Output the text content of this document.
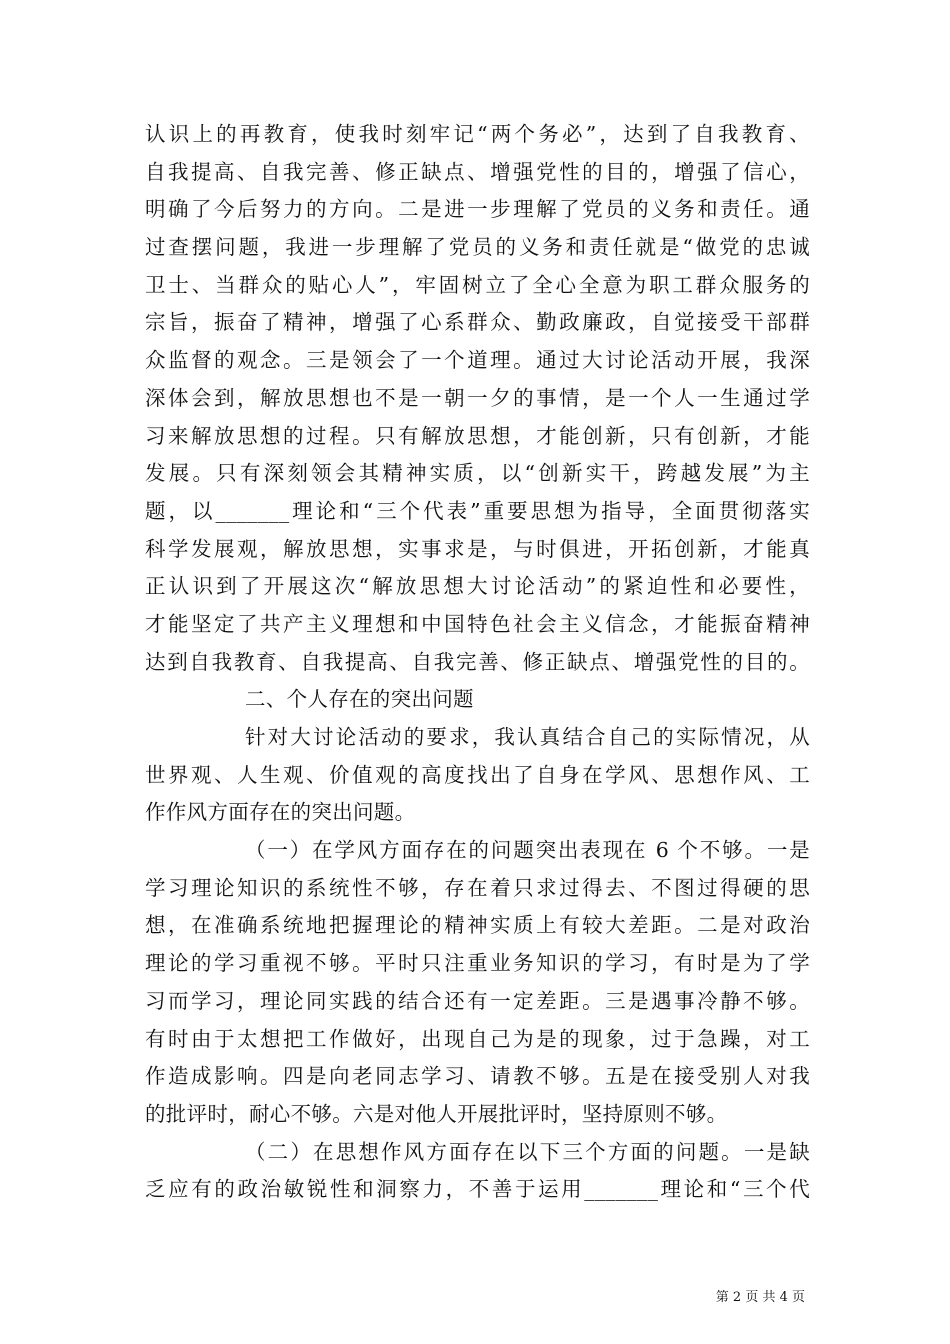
认识上的再教育，使我时刻牢记“两个务必”，达到了自我教育、
自我提高、自我完善、修正缺点、增强党性的目的，增强了信心，
明确了今后努力的方向。二是进一步理解了党员的义务和责任。通
过查摆问题，我进一步理解了党员的义务和责任就是“做党的忠诚
卫士、当群众的贴心人”，牢固树立了全心全意为职工群众服务的
宗旨，振奋了精神，增强了心系群众、勤政廉政，自觉接受干部群
众监督的观念。三是领会了一个道理。通过大讨论活动开展，我深
深体会到，解放思想也不是一朝一夕的事情，是一个人一生通过学
习来解放思想的过程。只有解放思想，才能创新，只有创新，才能
发展。只有深刻领会其精神实质，以“创新实干，跨越发展”为主
题，以_______理论和“三个代表”重要思想为指导，全面贯彻落实
科学发展观，解放思想，实事求是，与时俱进，开拓创新，才能真
正认识到了开展这次“解放思想大讨论活动”的紧迫性和必要性，
才能坚定了共产主义理想和中国特色社会主义信念，才能振奋精神
达到自我教育、自我提高、自我完善、修正缺点、增强党性的目的。
二、个人存在的突出问题
针对大讨论活动的要求，我认真结合自己的实际情况，从
世界观、人生观、价值观的高度找出了自身在学风、思想作风、工
作作风方面存在的突出问题。
（一）在学风方面存在的问题突出表现在 6 个不够。一是
学习理论知识的系统性不够，存在着只求过得去、不图过得硬的思
想，在准确系统地把握理论的精神实质上有较大差距。二是对政治
理论的学习重视不够。平时只注重业务知识的学习，有时是为了学
习而学习，理论同实践的结合还有一定差距。三是遇事冷静不够。
有时由于太想把工作做好，出现自己为是的现象，过于急躁，对工
作造成影响。四是向老同志学习、请教不够。五是在接受别人对我
的批评时，耐心不够。六是对他人开展批评时，坚持原则不够。
（二）在思想作风方面存在以下三个方面的问题。一是缺
乏应有的政治敏锐性和洞察力，不善于运用_______理论和“三个代
第 2 页 共 4 页
